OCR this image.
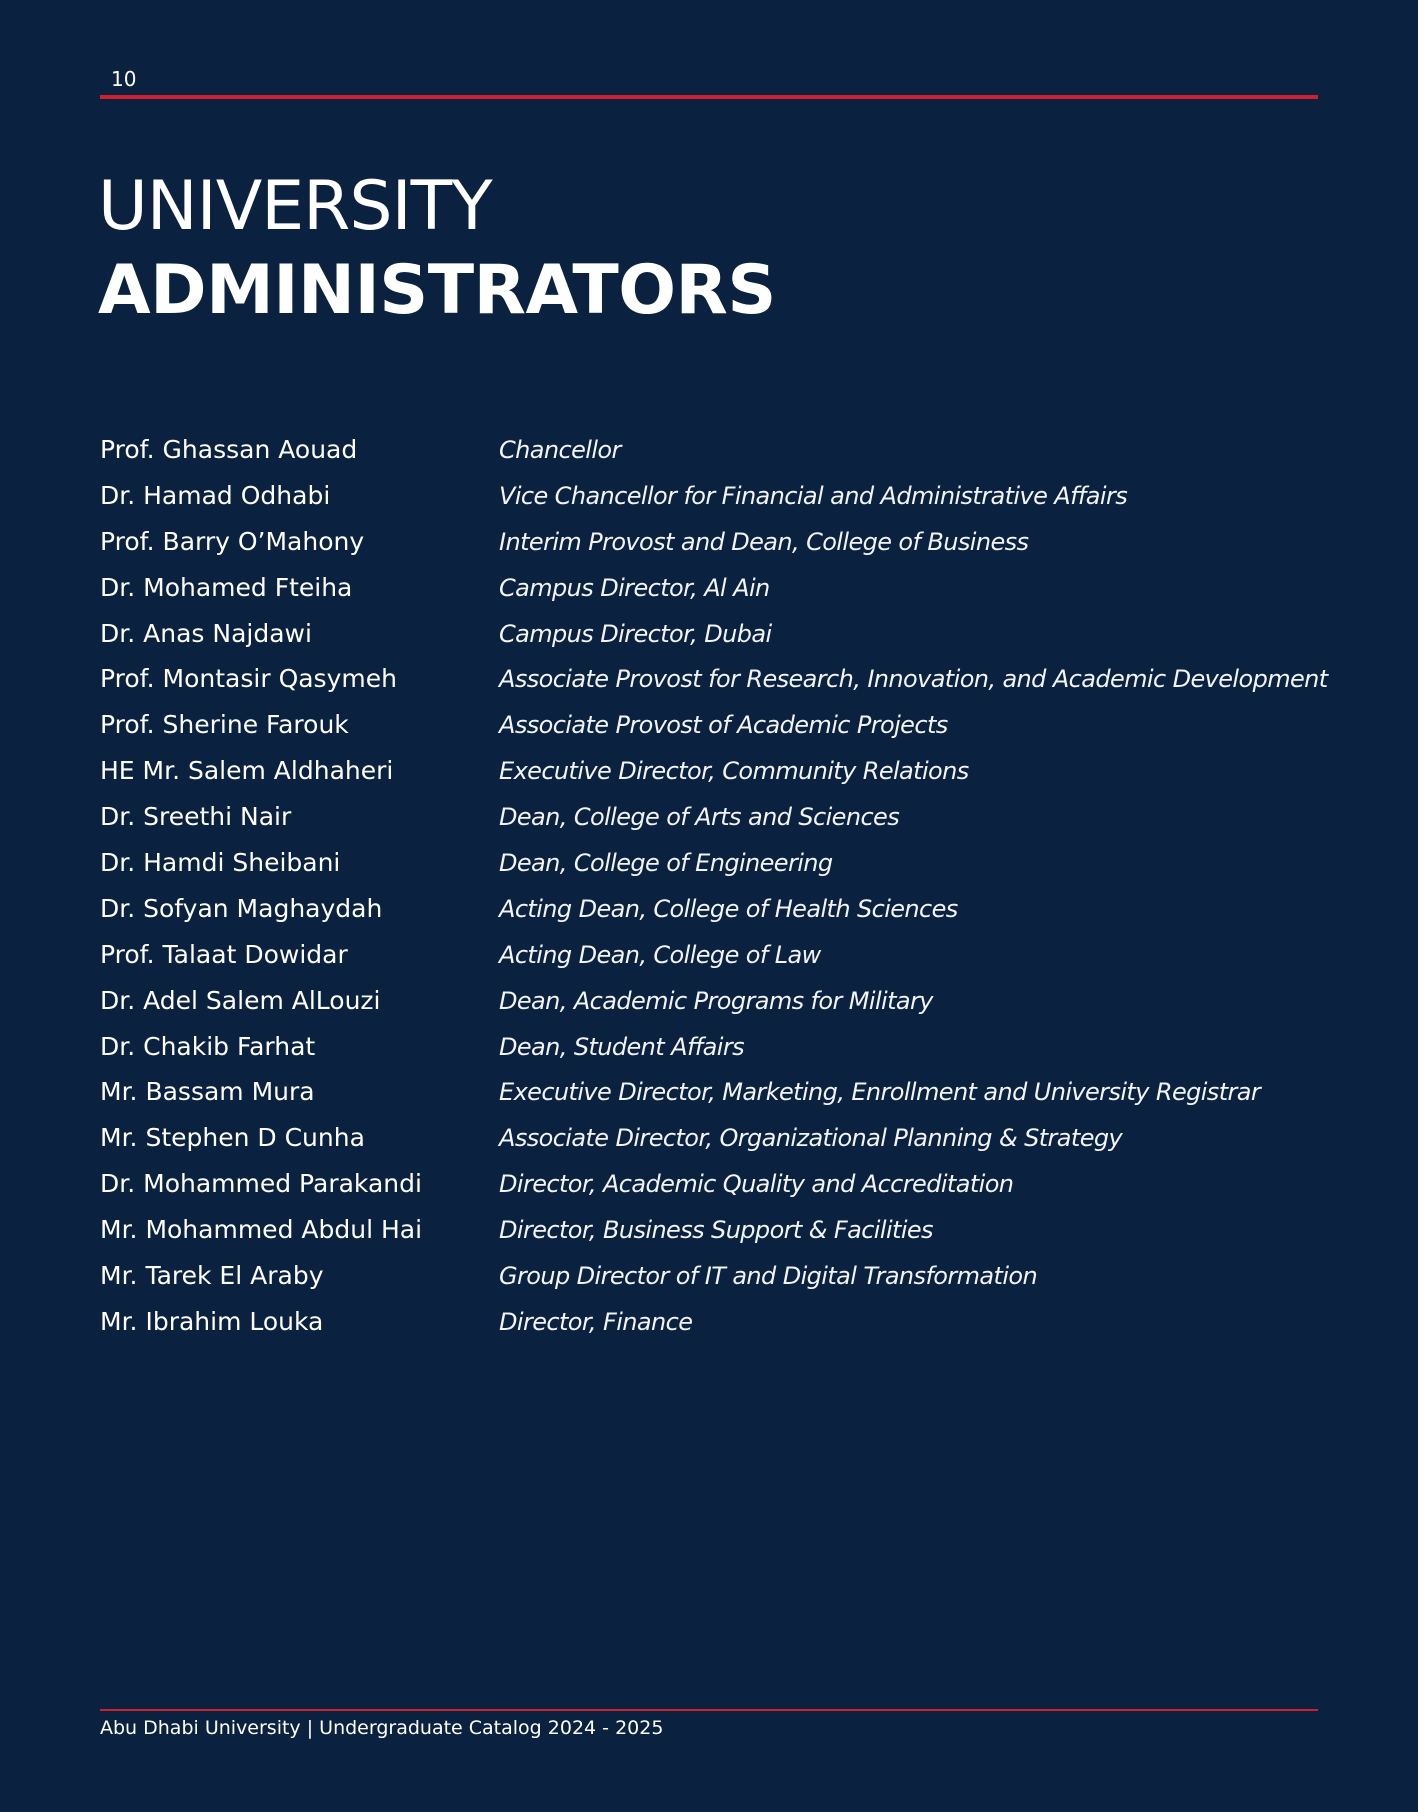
10
UNIVERSITY
ADMINISTRATORS
Prof. Ghassan Aouad	Chancellor
Dr. Hamad Odhabi	Vice Chancellor for Financial and Administrative Affairs
Prof. Barry O’Mahony	Interim Provost and Dean, College of Business
Dr. Mohamed Fteiha	Campus Director, Al Ain
Dr. Anas Najdawi	Campus Director, Dubai
Prof. Montasir Qasymeh	Associate Provost for Research, Innovation, and Academic Development
Prof. Sherine Farouk	Associate Provost of Academic Projects
HE Mr. Salem Aldhaheri	Executive Director, Community Relations
Dr. Sreethi Nair	Dean, College of Arts and Sciences
Dr. Hamdi Sheibani	Dean, College of Engineering
Dr. Sofyan Maghaydah	Acting Dean, College of Health Sciences
Prof. Talaat Dowidar	Acting Dean, College of Law
Dr. Adel Salem AlLouzi	Dean, Academic Programs for Military
Dr. Chakib Farhat	Dean, Student Affairs
Mr. Bassam Mura	Executive Director, Marketing, Enrollment and University Registrar
Mr. Stephen D Cunha	Associate Director, Organizational Planning & Strategy
Dr. Mohammed Parakandi	Director, Academic Quality and Accreditation
Mr. Mohammed Abdul Hai	Director, Business Support & Facilities
Mr. Tarek El Araby	Group Director of IT and Digital Transformation
Mr. Ibrahim Louka	Director, Finance
Abu Dhabi University | Undergraduate Catalog 2024 - 2025
